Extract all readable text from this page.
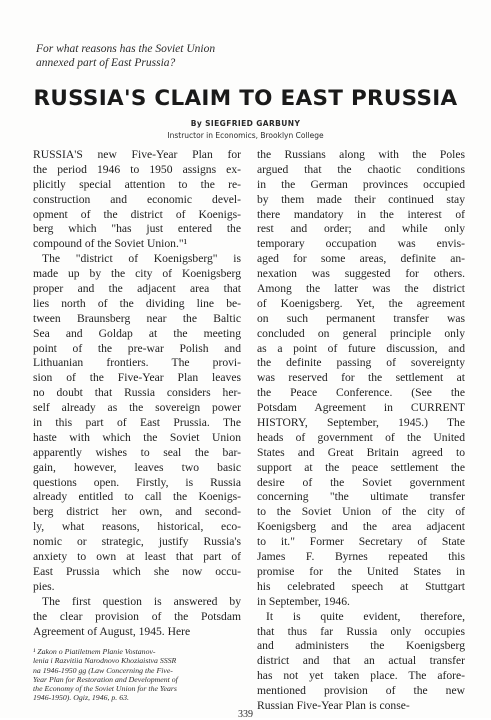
For what reasons has the Soviet Union
annexed part of East Prussia?
RUSSIA'S CLAIM TO EAST PRUSSIA
By SIEGFRIED GARBUNY
Instructor in Economics, Brooklyn College
RUSSIA'S new Five-Year Plan for
the period 1946 to 1950 assigns ex-
plicitly special attention to the re-
construction and economic devel-
opment of the district of Koenigs-
berg which "has just entered the
compound of the Soviet Union."¹
The "district of Koenigsberg" is
made up by the city of Koenigsberg
proper and the adjacent area that
lies north of the dividing line be-
tween Braunsberg near the Baltic
Sea and Goldap at the meeting
point of the pre-war Polish and
Lithuanian frontiers. The provi-
sion of the Five-Year Plan leaves
no doubt that Russia considers her-
self already as the sovereign power
in this part of East Prussia. The
haste with which the Soviet Union
apparently wishes to seal the bar-
gain, however, leaves two basic
questions open. Firstly, is Russia
already entitled to call the Koenigs-
berg district her own, and second-
ly, what reasons, historical, eco-
nomic or strategic, justify Russia's
anxiety to own at least that part of
East Prussia which she now occu-
pies.
The first question is answered by
the clear provision of the Potsdam
Agreement of August, 1945. Here
¹ Zakon o Piatiletnem Planie Vostanov-
lenia i Razvitiia Narodnovo Khoziaistva SSSR
na 1946-1950 gg (Law Concerning the Five-
Year Plan for Restoration and Development of
the Economy of the Soviet Union for the Years
1946-1950). Ogiz, 1946, p. 63.
339
the Russians along with the Poles
argued that the chaotic conditions
in the German provinces occupied
by them made their continued stay
there mandatory in the interest of
rest and order; and while only
temporary occupation was envis-
aged for some areas, definite an-
nexation was suggested for others.
Among the latter was the district
of Koenigsberg. Yet, the agreement
on such permanent transfer was
concluded on general principle only
as a point of future discussion, and
the definite passing of sovereignty
was reserved for the settlement at
the Peace Conference. (See the
Potsdam Agreement in CURRENT
HISTORY, September, 1945.) The
heads of government of the United
States and Great Britain agreed to
support at the peace settlement the
desire of the Soviet government
concerning "the ultimate transfer
to the Soviet Union of the city of
Koenigsberg and the area adjacent
to it." Former Secretary of State
James F. Byrnes repeated this
promise for the United States in
his celebrated speech at Stuttgart
in September, 1946.
It is quite evident, therefore,
that thus far Russia only occupies
and administers the Koenigsberg
district and that an actual transfer
has not yet taken place. The afore-
mentioned provision of the new
Russian Five-Year Plan is conse-
